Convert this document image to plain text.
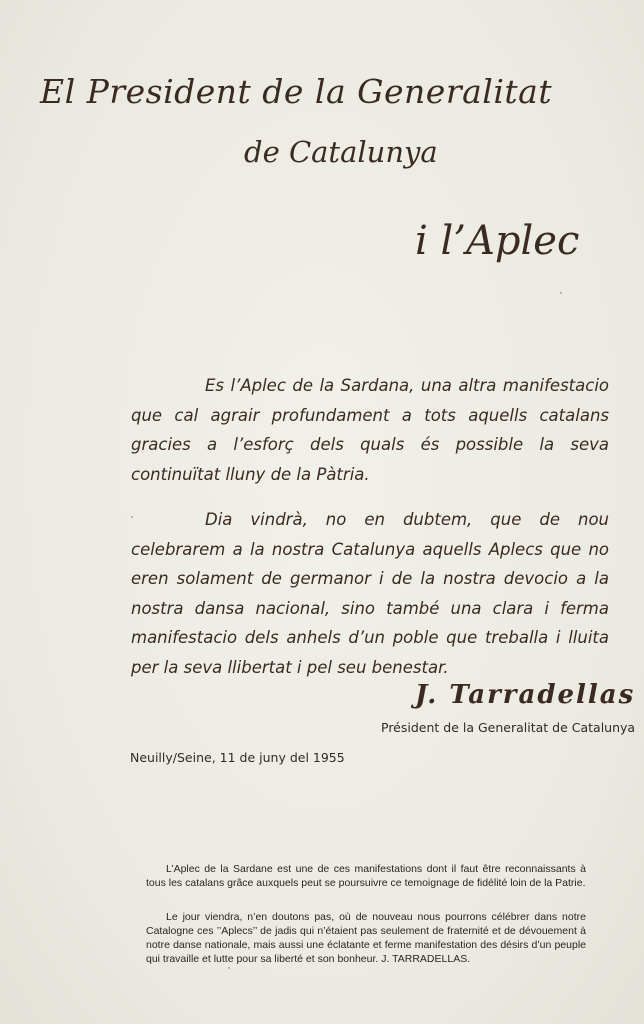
El President de la Generalitat
de Catalunya
i l’Aplec

Es l’Aplec de la Sardana, una altra manifestacio que cal agrair profundament a tots aquells catalans gracies a l’esforç dels quals és possible la seva continuïtat lluny de la Pàtria.

Dia vindrà, no en dubtem, que de nou celebrarem a la nostra Catalunya aquells Aplecs que no eren solament de germanor i de la nostra devocio a la nostra dansa nacional, sino també una clara i ferma manifestacio dels anhels d’un poble que treballa i lluita per la seva llibertat i pel seu benestar.

J. Tarradellas
Président de la Generalitat de Catalunya
Neuilly/Seine, 11 de juny del 1955

L’Aplec de la Sardane est une de ces manifestations dont il faut être reconnaissants à tous les catalans grâce auxquels peut se poursuivre ce temoignage de fidélité loin de la Patrie.

Le jour viendra, n’en doutons pas, où de nouveau nous pourrons célébrer dans notre Catalogne ces ’’Aplecs’’ de jadis qui n’étaient pas seulement de fraternité et de dévouement à notre danse nationale, mais aussi une éclatante et ferme manifestation des désirs d’un peuple qui travaille et lutte pour sa liberté et son bonheur. J. TARRADELLAS.
